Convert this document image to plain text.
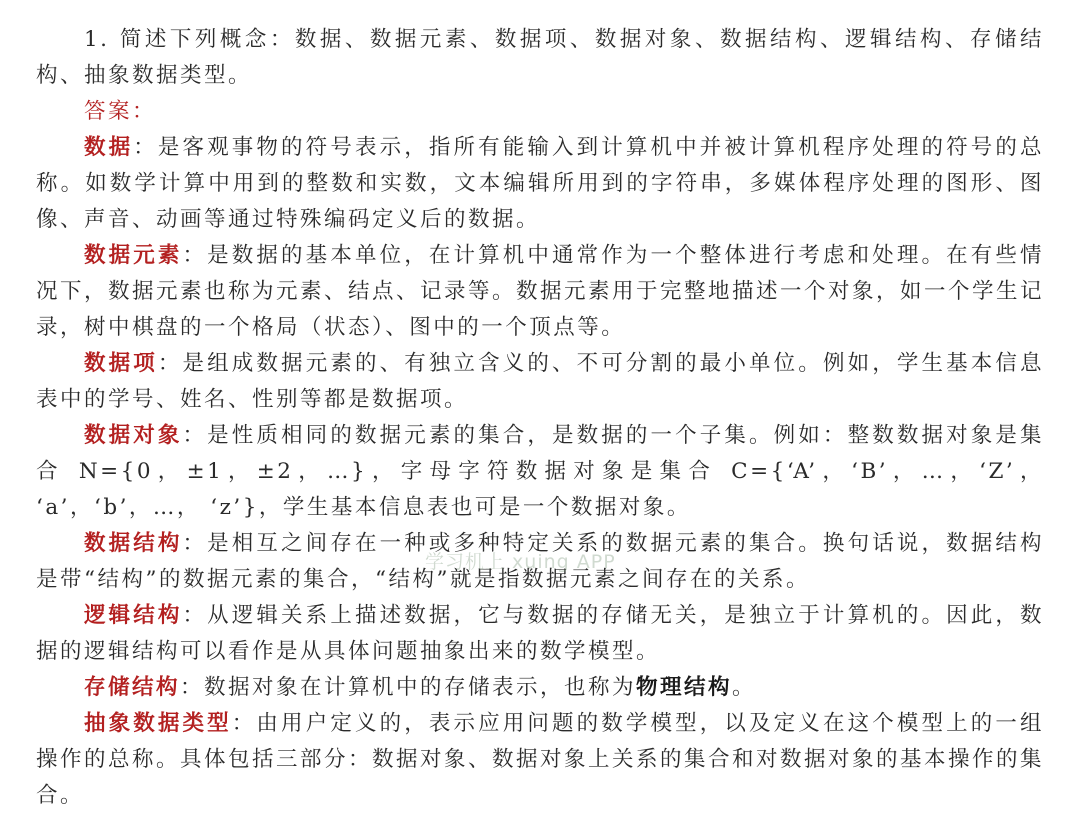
1. 简述下列概念：数据、数据元素、数据项、数据对象、数据结构、逻辑结构、存储结构、抽象数据类型。
答案：
数据：是客观事物的符号表示，指所有能输入到计算机中并被计算机程序处理的符号的总称。如数学计算中用到的整数和实数，文本编辑所用到的字符串，多媒体程序处理的图形、图像、声音、动画等通过特殊编码定义后的数据。
数据元素：是数据的基本单位，在计算机中通常作为一个整体进行考虑和处理。在有些情况下，数据元素也称为元素、结点、记录等。数据元素用于完整地描述一个对象，如一个学生记录，树中棋盘的一个格局（状态）、图中的一个顶点等。
数据项：是组成数据元素的、有独立含义的、不可分割的最小单位。例如，学生基本信息表中的学号、姓名、性别等都是数据项。
数据对象：是性质相同的数据元素的集合，是数据的一个子集。例如：整数数据对象是集合 N={0，±1，±2，…}，字母字符数据对象是集合 C={‘A’，‘B’，…，‘Z’， ‘a’，‘b’，…， ‘z’}，学生基本信息表也可是一个数据对象。
数据结构：是相互之间存在一种或多种特定关系的数据元素的集合。换句话说，数据结构是带“结构”的数据元素的集合，“结构”就是指数据元素之间存在的关系。
逻辑结构：从逻辑关系上描述数据，它与数据的存储无关，是独立于计算机的。因此，数据的逻辑结构可以看作是从具体问题抽象出来的数学模型。
存储结构：数据对象在计算机中的存储表示，也称为物理结构。
抽象数据类型：由用户定义的，表示应用问题的数学模型，以及定义在这个模型上的一组操作的总称。具体包括三部分：数据对象、数据对象上关系的集合和对数据对象的基本操作的集合。
学习机上 xuing APP
